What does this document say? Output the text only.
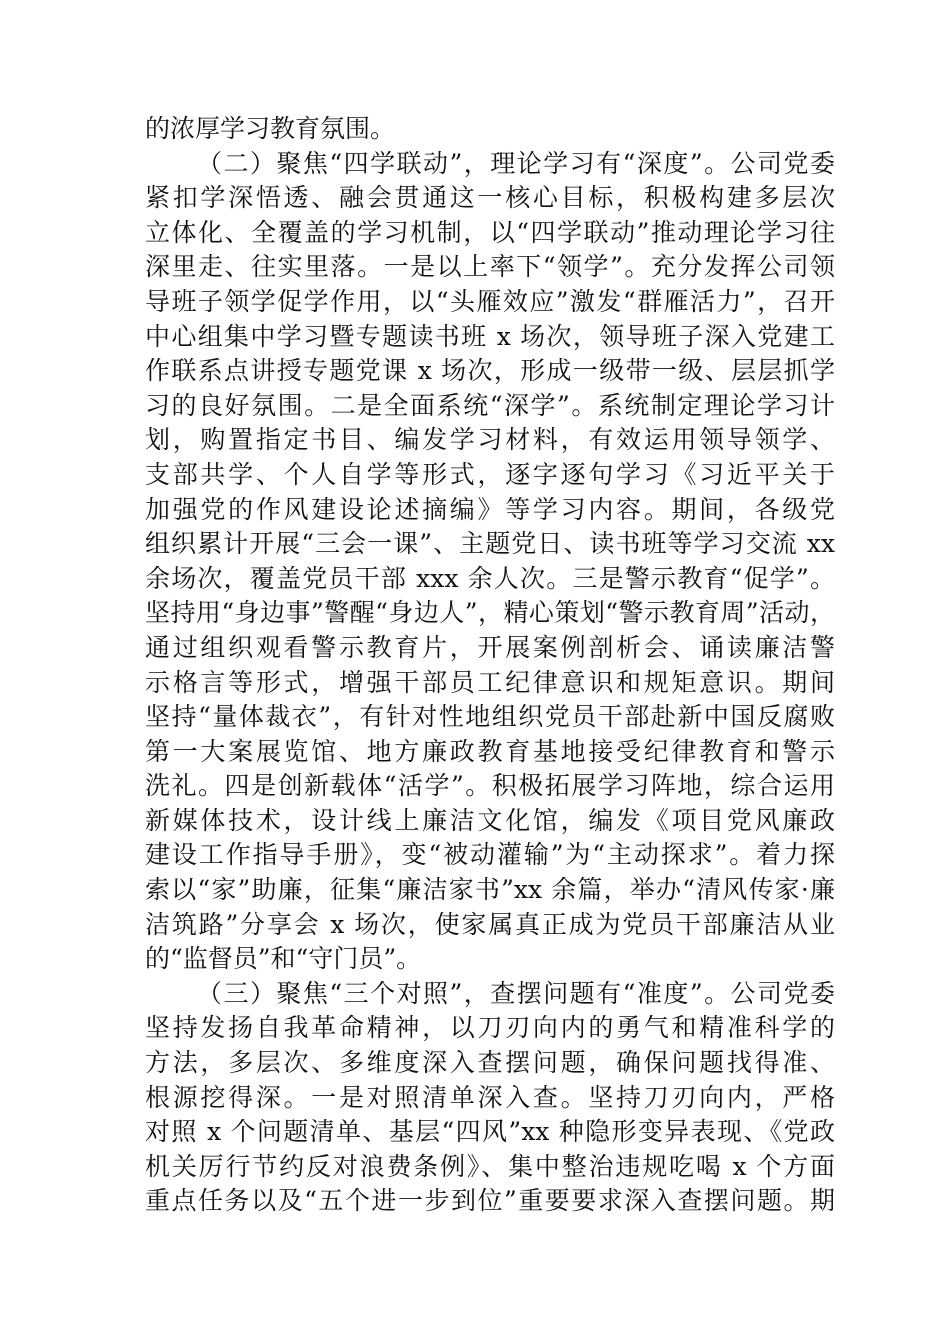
的浓厚学习教育氛围。
（二）聚焦“四学联动”，理论学习有“深度”。公司党委
紧扣学深悟透、融会贯通这一核心目标，积极构建多层次
立体化、全覆盖的学习机制，以“四学联动”推动理论学习往
深里走、往实里落。一是以上率下“领学”。充分发挥公司领
导班子领学促学作用，以“头雁效应”激发“群雁活力”，召开
中心组集中学习暨专题读书班 x 场次，领导班子深入党建工
作联系点讲授专题党课 x 场次，形成一级带一级、层层抓学
习的良好氛围。二是全面系统“深学”。系统制定理论学习计
划，购置指定书目、编发学习材料，有效运用领导领学、
支部共学、个人自学等形式，逐字逐句学习《习近平关于
加强党的作风建设论述摘编》等学习内容。期间，各级党
组织累计开展“三会一课”、主题党日、读书班等学习交流 xx
余场次，覆盖党员干部 xxx 余人次。三是警示教育“促学”。
坚持用“身边事”警醒“身边人”，精心策划“警示教育周”活动，
通过组织观看警示教育片，开展案例剖析会、诵读廉洁警
示格言等形式，增强干部员工纪律意识和规矩意识。期间
坚持“量体裁衣”，有针对性地组织党员干部赴新中国反腐败
第一大案展览馆、地方廉政教育基地接受纪律教育和警示
洗礼。四是创新载体“活学”。积极拓展学习阵地，综合运用
新媒体技术，设计线上廉洁文化馆，编发《项目党风廉政
建设工作指导手册》，变“被动灌输”为“主动探求”。着力探
索以“家”助廉，征集“廉洁家书”xx 余篇，举办“清风传家·廉
洁筑路”分享会 x 场次，使家属真正成为党员干部廉洁从业
的“监督员”和“守门员”。
（三）聚焦“三个对照”，查摆问题有“准度”。公司党委
坚持发扬自我革命精神，以刀刃向内的勇气和精准科学的
方法，多层次、多维度深入查摆问题，确保问题找得准、
根源挖得深。一是对照清单深入查。坚持刀刃向内，严格
对照 x 个问题清单、基层“四风”xx 种隐形变异表现、《党政
机关厉行节约反对浪费条例》、集中整治违规吃喝 x 个方面
重点任务以及“五个进一步到位”重要要求深入查摆问题。期
